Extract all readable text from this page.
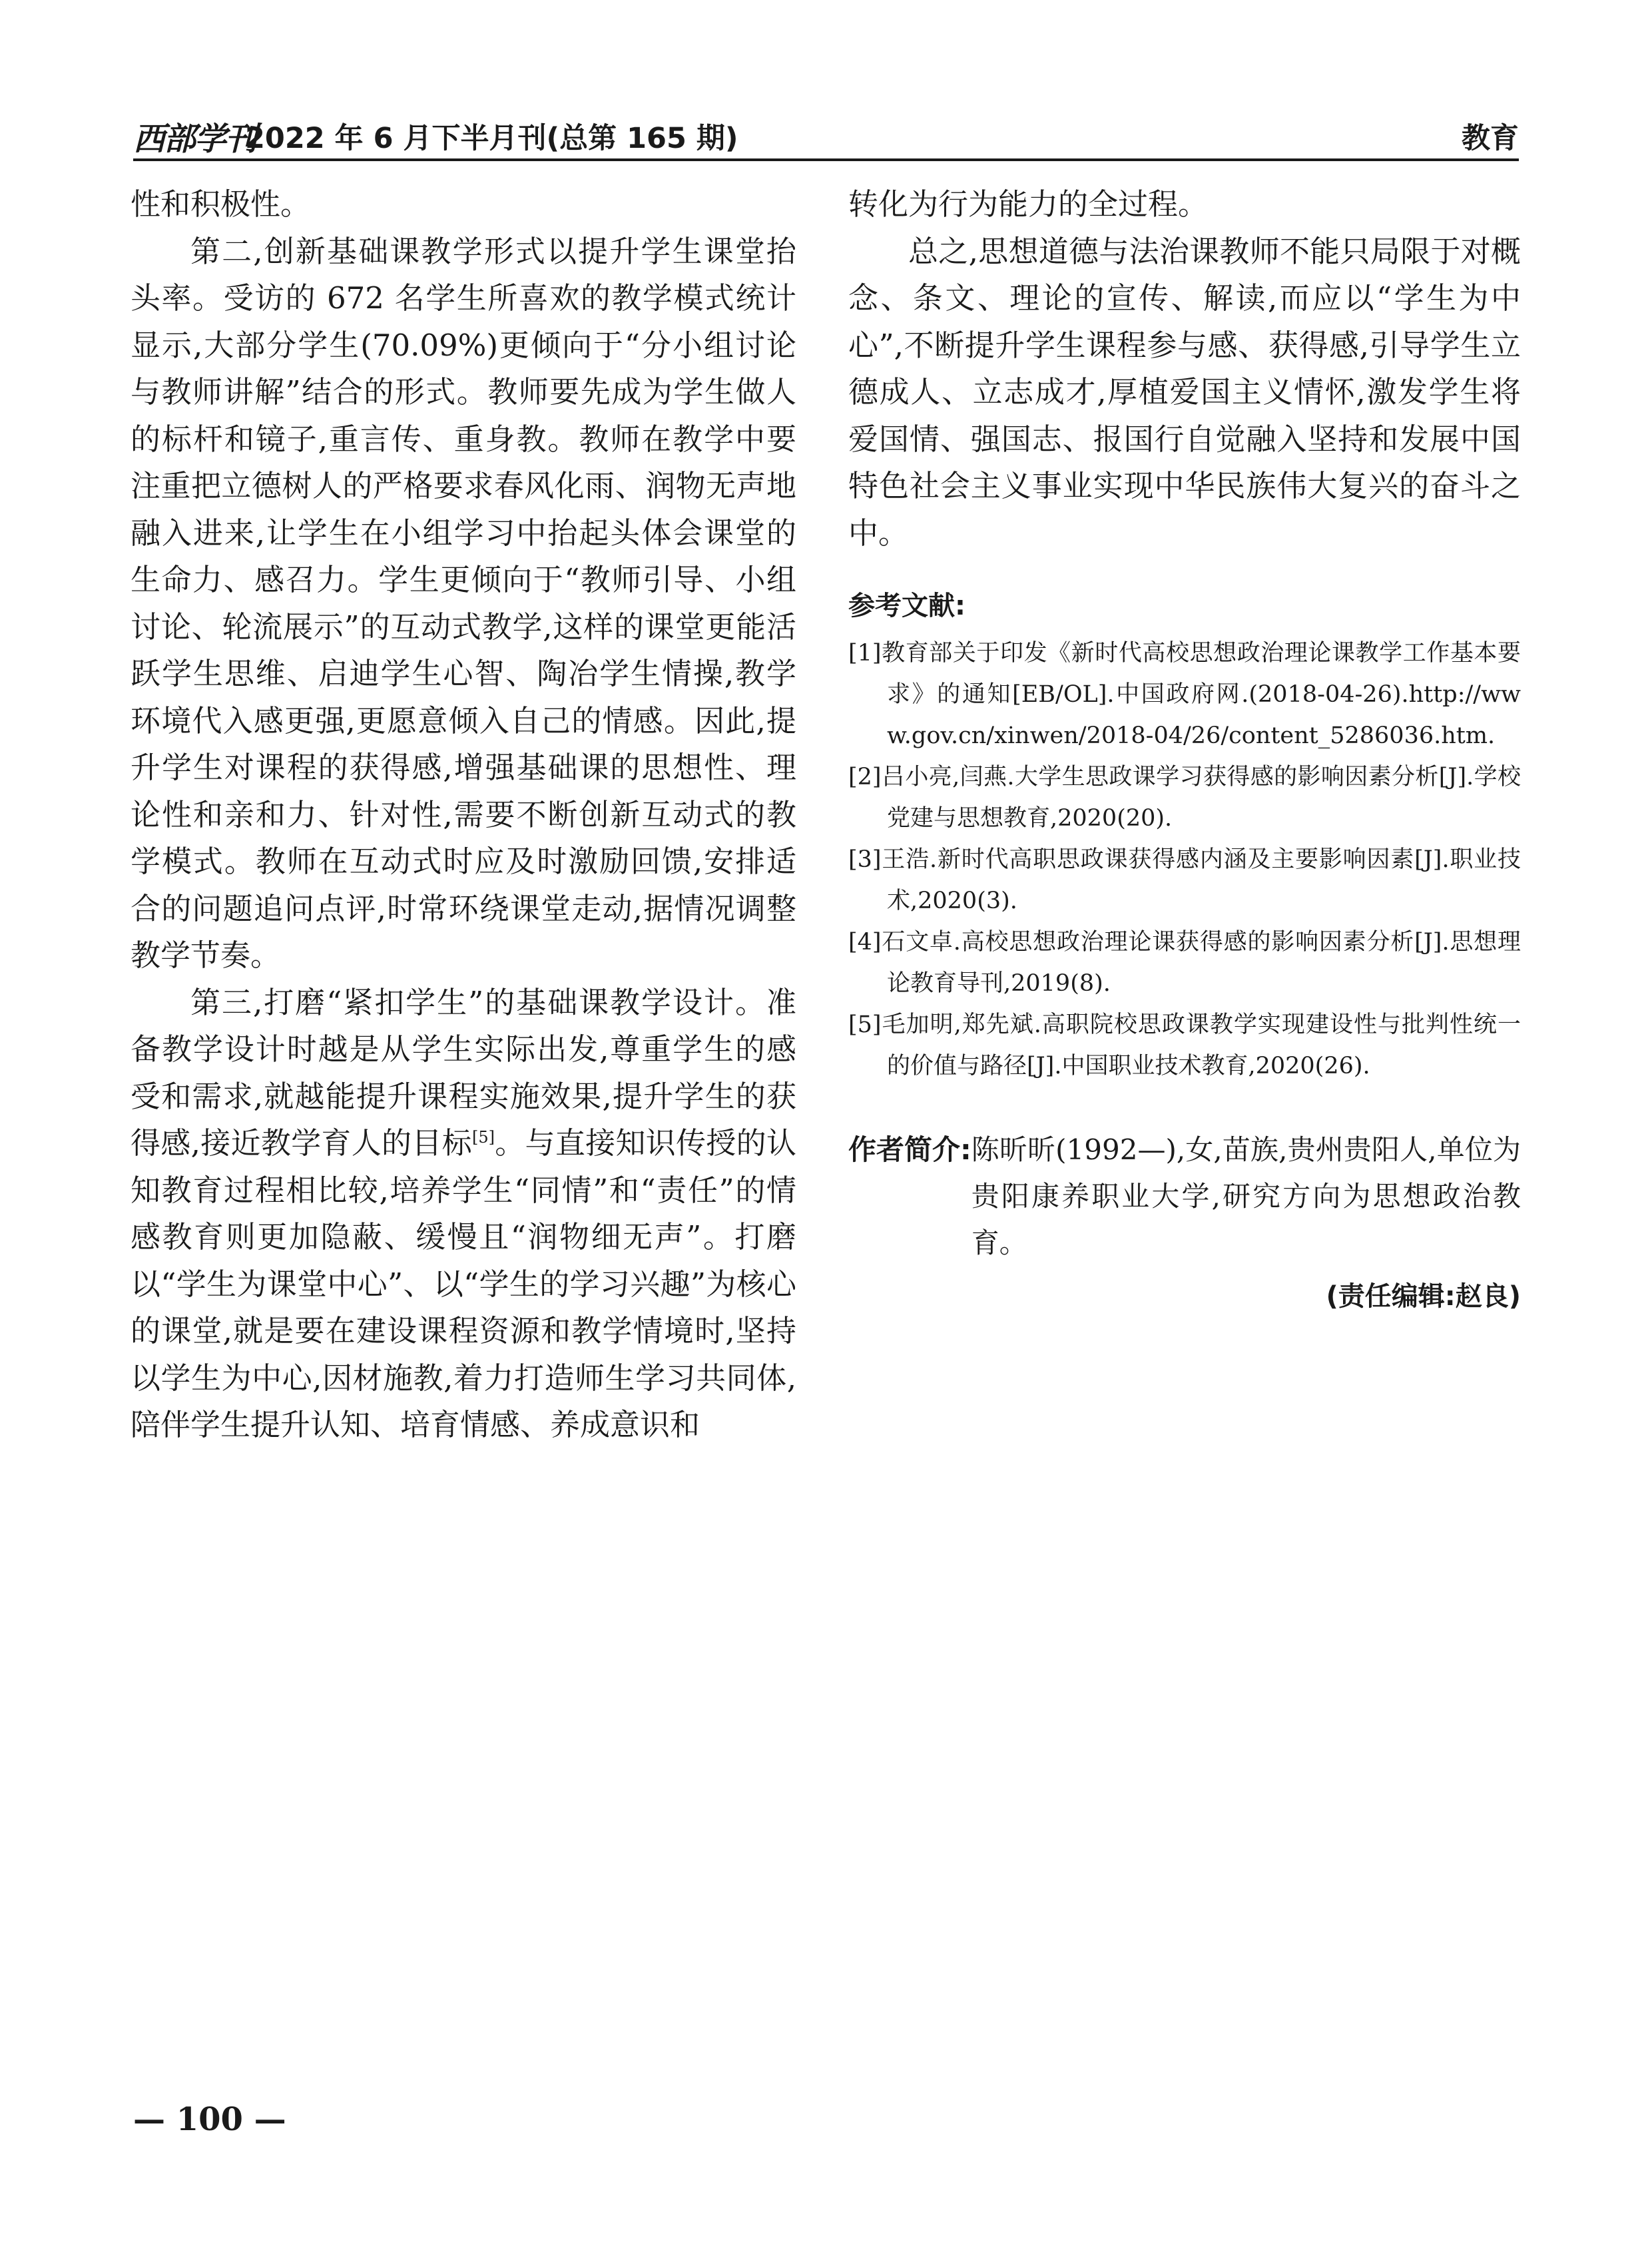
西部学刊
2022 年 6 月下半月刊(总第 165 期)	教育

性和积极性。

第二,创新基础课教学形式以提升学生课堂抬头率。受访的 672 名学生所喜欢的教学模式统计显示,大部分学生(70.09%)更倾向于“分小组讨论与教师讲解”结合的形式。教师要先成为学生做人的标杆和镜子,重言传、重身教。教师在教学中要注重把立德树人的严格要求春风化雨、润物无声地融入进来,让学生在小组学习中抬起头体会课堂的生命力、感召力。学生更倾向于“教师引导、小组讨论、轮流展示”的互动式教学,这样的课堂更能活跃学生思维、启迪学生心智、陶冶学生情操,教学环境代入感更强,更愿意倾入自己的情感。因此,提升学生对课程的获得感,增强基础课的思想性、理论性和亲和力、针对性,需要不断创新互动式的教学模式。教师在互动式时应及时激励回馈,安排适合的问题追问点评,时常环绕课堂走动,据情况调整教学节奏。

第三,打磨“紧扣学生”的基础课教学设计。准备教学设计时越是从学生实际出发,尊重学生的感受和需求,就越能提升课程实施效果,提升学生的获得感,接近教学育人的目标[5]。与直接知识传授的认知教育过程相比较,培养学生“同情”和“责任”的情感教育则更加隐蔽、缓慢且“润物细无声”。打磨以“学生为课堂中心”、以“学生的学习兴趣”为核心的课堂,就是要在建设课程资源和教学情境时,坚持以学生为中心,因材施教,着力打造师生学习共同体,陪伴学生提升认知、培育情感、养成意识和

转化为行为能力的全过程。

总之,思想道德与法治课教师不能只局限于对概念、条文、理论的宣传、解读,而应以“学生为中心”,不断提升学生课程参与感、获得感,引导学生立德成人、立志成才,厚植爱国主义情怀,激发学生将爱国情、强国志、报国行自觉融入坚持和发展中国特色社会主义事业实现中华民族伟大复兴的奋斗之中。

参考文献:
[1]教育部关于印发《新时代高校思想政治理论课教学工作基本要求》的通知[EB/OL].中国政府网.(2018-04-26).http://www.gov.cn/xinwen/2018-04/26/content_5286036.htm.
[2]吕小亮,闫燕.大学生思政课学习获得感的影响因素分析[J].学校党建与思想教育,2020(20).
[3]王浩.新时代高职思政课获得感内涵及主要影响因素[J].职业技术,2020(3).
[4]石文卓.高校思想政治理论课获得感的影响因素分析[J].思想理论教育导刊,2019(8).
[5]毛加明,郑先斌.高职院校思政课教学实现建设性与批判性统一的价值与路径[J].中国职业技术教育,2020(26).
作者简介: 陈昕昕(1992—),女,苗族,贵州贵阳人,单位为贵阳康养职业大学,研究方向为思想政治教育。
(责任编辑:赵良)
— 100 —
